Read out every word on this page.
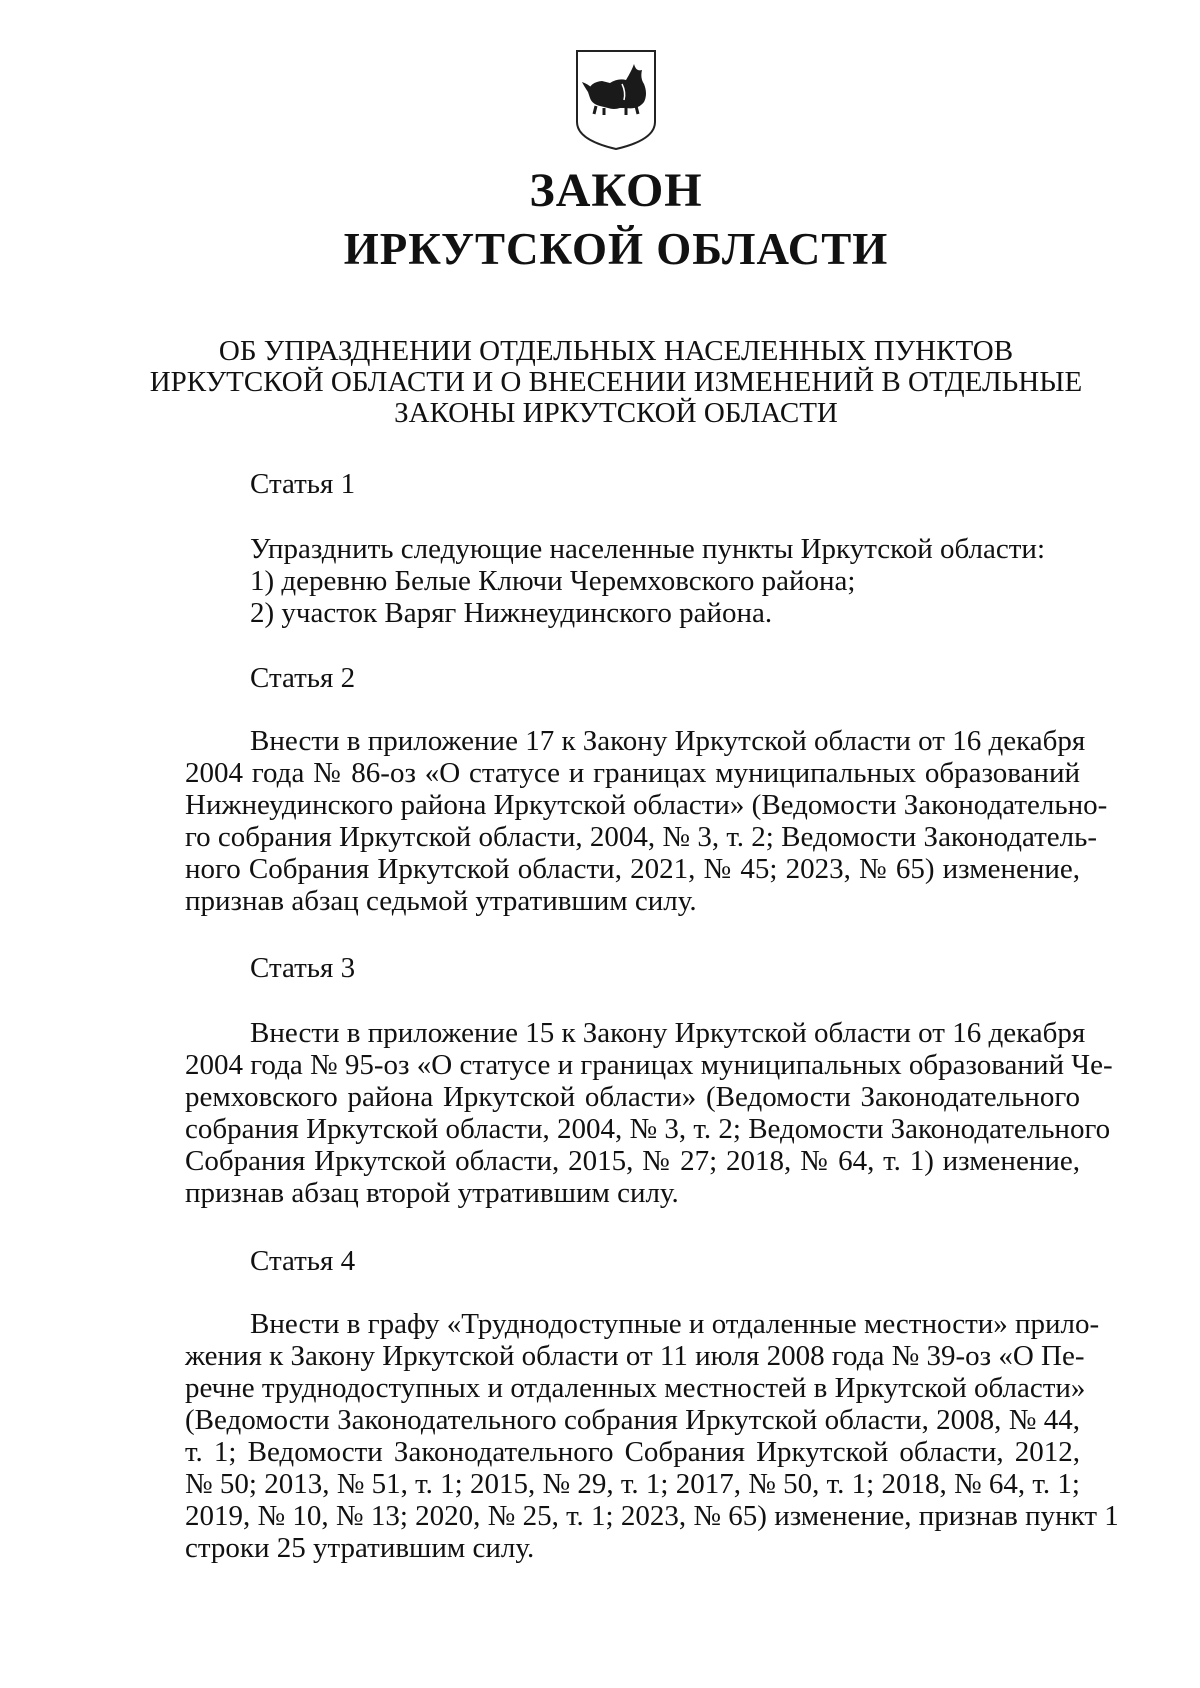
ЗАКОН
ИРКУТСКОЙ ОБЛАСТИ
ОБ УПРАЗДНЕНИИ ОТДЕЛЬНЫХ НАСЕЛЕННЫХ ПУНКТОВ
ИРКУТСКОЙ ОБЛАСТИ И О ВНЕСЕНИИ ИЗМЕНЕНИЙ В ОТДЕЛЬНЫЕ
ЗАКОНЫ ИРКУТСКОЙ ОБЛАСТИ
Статья 1
Упразднить следующие населенные пункты Иркутской области:
1) деревню Белые Ключи Черемховского района;
2) участок Варяг Нижнеудинского района.
Статья 2
Внести в приложение 17 к Закону Иркутской области от 16 декабря
2004 года № 86-оз «О статусе и границах муниципальных образований
Нижнеудинского района Иркутской области» (Ведомости Законодательно-
го собрания Иркутской области, 2004, № 3, т. 2; Ведомости Законодатель-
ного Собрания Иркутской области, 2021, № 45; 2023, № 65) изменение,
признав абзац седьмой утратившим силу.
Статья 3
Внести в приложение 15 к Закону Иркутской области от 16 декабря
2004 года № 95-оз «О статусе и границах муниципальных образований Че-
ремховского района Иркутской области» (Ведомости Законодательного
собрания Иркутской области, 2004, № 3, т. 2; Ведомости Законодательного
Собрания Иркутской области, 2015, № 27; 2018, № 64, т. 1) изменение,
признав абзац второй утратившим силу.
Статья 4
Внести в графу «Труднодоступные и отдаленные местности» прило-
жения к Закону Иркутской области от 11 июля 2008 года № 39-оз «О Пе-
речне труднодоступных и отдаленных местностей в Иркутской области»
(Ведомости Законодательного собрания Иркутской области, 2008, № 44,
т. 1; Ведомости Законодательного Собрания Иркутской области, 2012,
№ 50; 2013, № 51, т. 1; 2015, № 29, т. 1; 2017, № 50, т. 1; 2018, № 64, т. 1;
2019, № 10, № 13; 2020, № 25, т. 1; 2023, № 65) изменение, признав пункт 1
строки 25 утратившим силу.
